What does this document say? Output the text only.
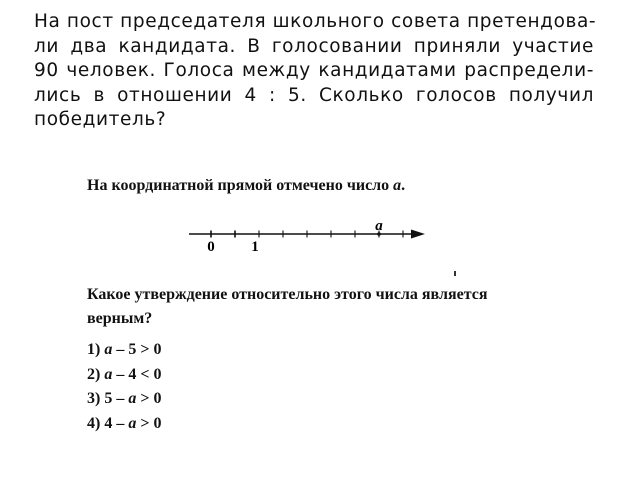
На пост председателя школьного совета претендова-
ли два кандидата. В голосовании приняли участие
90 человек. Голоса между кандидатами распредели-
лись в отношении 4 : 5. Сколько голосов получил
победитель?

На координатной прямой отмечено число a.

0 1
a

Какое утверждение относительно этого числа является
верным?

1) a – 5 > 0
2) a – 4 < 0
3) 5 – a > 0
4) 4 – a > 0
